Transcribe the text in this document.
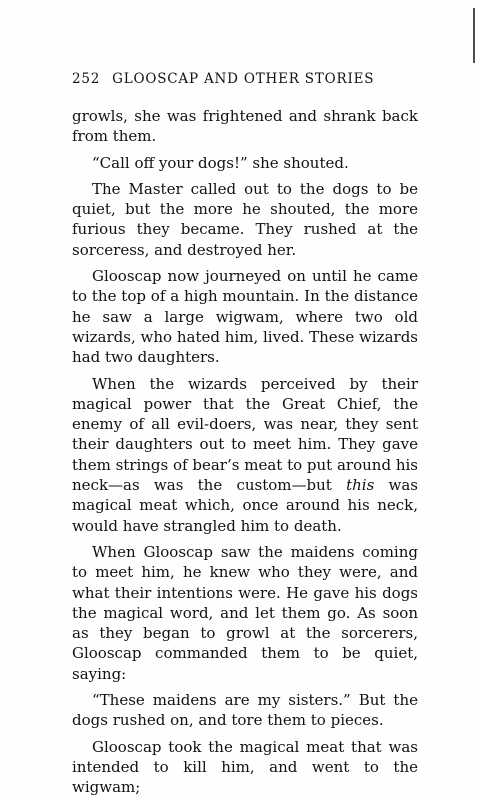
252 GLOOSCAP AND OTHER STORIES

growls, she was frightened and shrank back from them.

“Call off your dogs!” she shouted.

The Master called out to the dogs to be quiet, but the more he shouted, the more furious they became. They rushed at the sorceress, and destroyed her.

Glooscap now journeyed on until he came to the top of a high mountain. In the distance he saw a large wigwam, where two old wizards, who hated him, lived. These wizards had two daughters.

When the wizards perceived by their magical power that the Great Chief, the enemy of all evil-doers, was near, they sent their daughters out to meet him. They gave them strings of bear’s meat to put around his neck—as was the custom—but this was magical meat which, once around his neck, would have strangled him to death.

When Glooscap saw the maidens coming to meet him, he knew who they were, and what their intentions were. He gave his dogs the magical word, and let them go. As soon as they began to growl at the sorcerers, Glooscap commanded them to be quiet, saying:

“These maidens are my sisters.” But the dogs rushed on, and tore them to pieces.

Glooscap took the magical meat that was intended to kill him, and went to the wigwam;
